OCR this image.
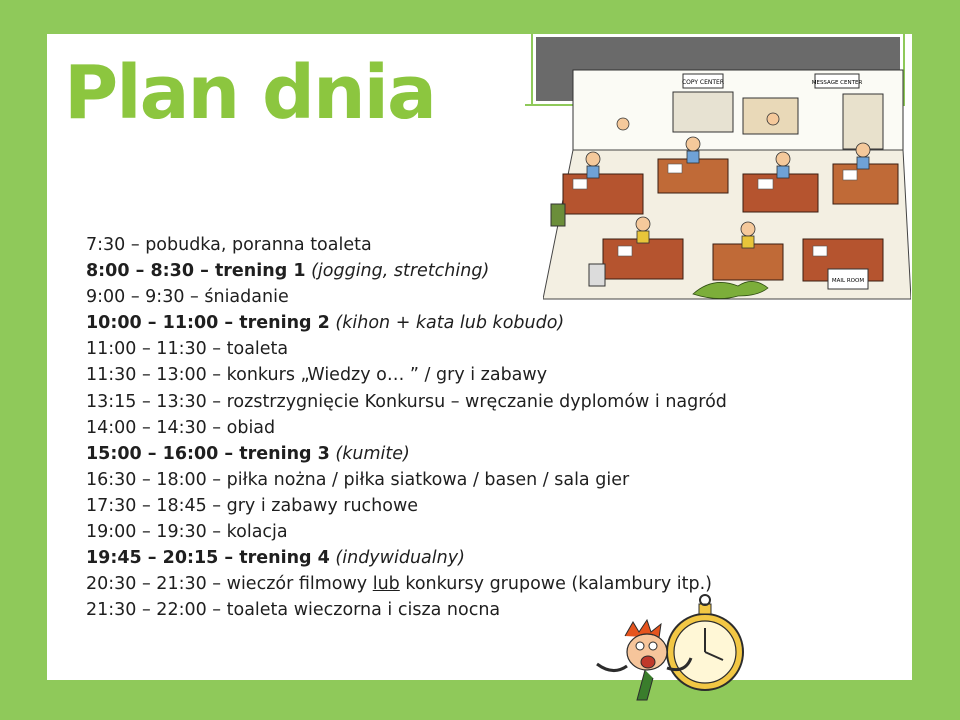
Plan dnia
7:30 – pobudka, poranna toaleta
8:00 – 8:30 – trening 1 (jogging, stretching)
9:00 – 9:30 – śniadanie
10:00 – 11:00 – trening 2 (kihon + kata lub kobudo)
11:00 – 11:30 – toaleta
11:30 – 13:00 – konkurs „Wiedzy o… ” / gry i zabawy
13:15 – 13:30 – rozstrzygnięcie Konkursu – wręczanie dyplomów i nagród
14:00 – 14:30 – obiad
15:00 – 16:00 – trening 3 (kumite)
16:30 – 18:00 – piłka nożna / piłka siatkowa / basen / sala gier
17:30 – 18:45 – gry i zabawy ruchowe
19:00 – 19:30 – kolacja
19:45 – 20:15 – trening 4 (indywidualny)
20:30 – 21:30 – wieczór filmowy lub konkursy grupowe (kalambury itp.)
21:30 – 22:00 – toaleta wieczorna i cisza nocna
COPY CENTER	MESSAGE CENTER
MAIL ROOM
